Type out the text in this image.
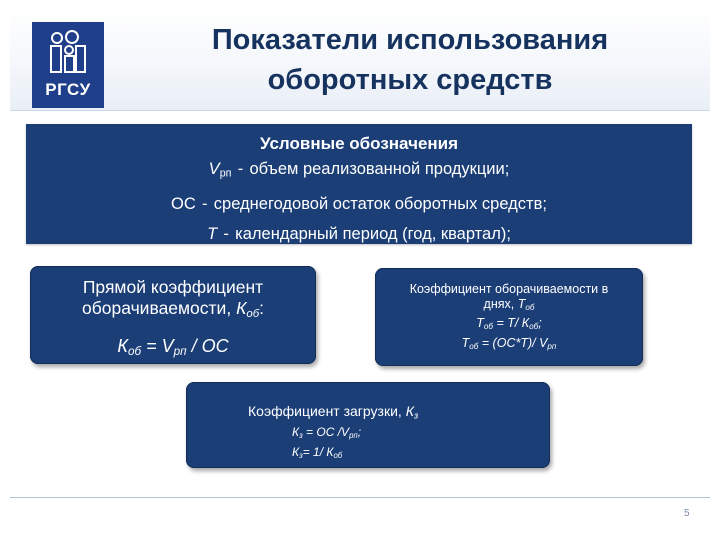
РГСУ
Показатели использования
оборотных средств
Условные обозначения
$V_{рп}$ - объем реализованной продукции;
ОС - среднегодовой остаток оборотных средств;
Т - календарный период (год, квартал);
Прямой коэффициент
оборачиваемости, $К_{об}$:
$К_{об} = V_{рп}$ / ОС
Коэффициент оборачиваемости в
днях, $Т_{об}$
$Т_{об} = Т/$ $К_{об}$;
$Т_{об} = (ОС*Т)/$ $V_{рп}$
Коэффициент загрузки, $К_з$
$К_з$ = ОС $/V_{рп}$;
$К_з= 1/$ $К_{об}$
5
